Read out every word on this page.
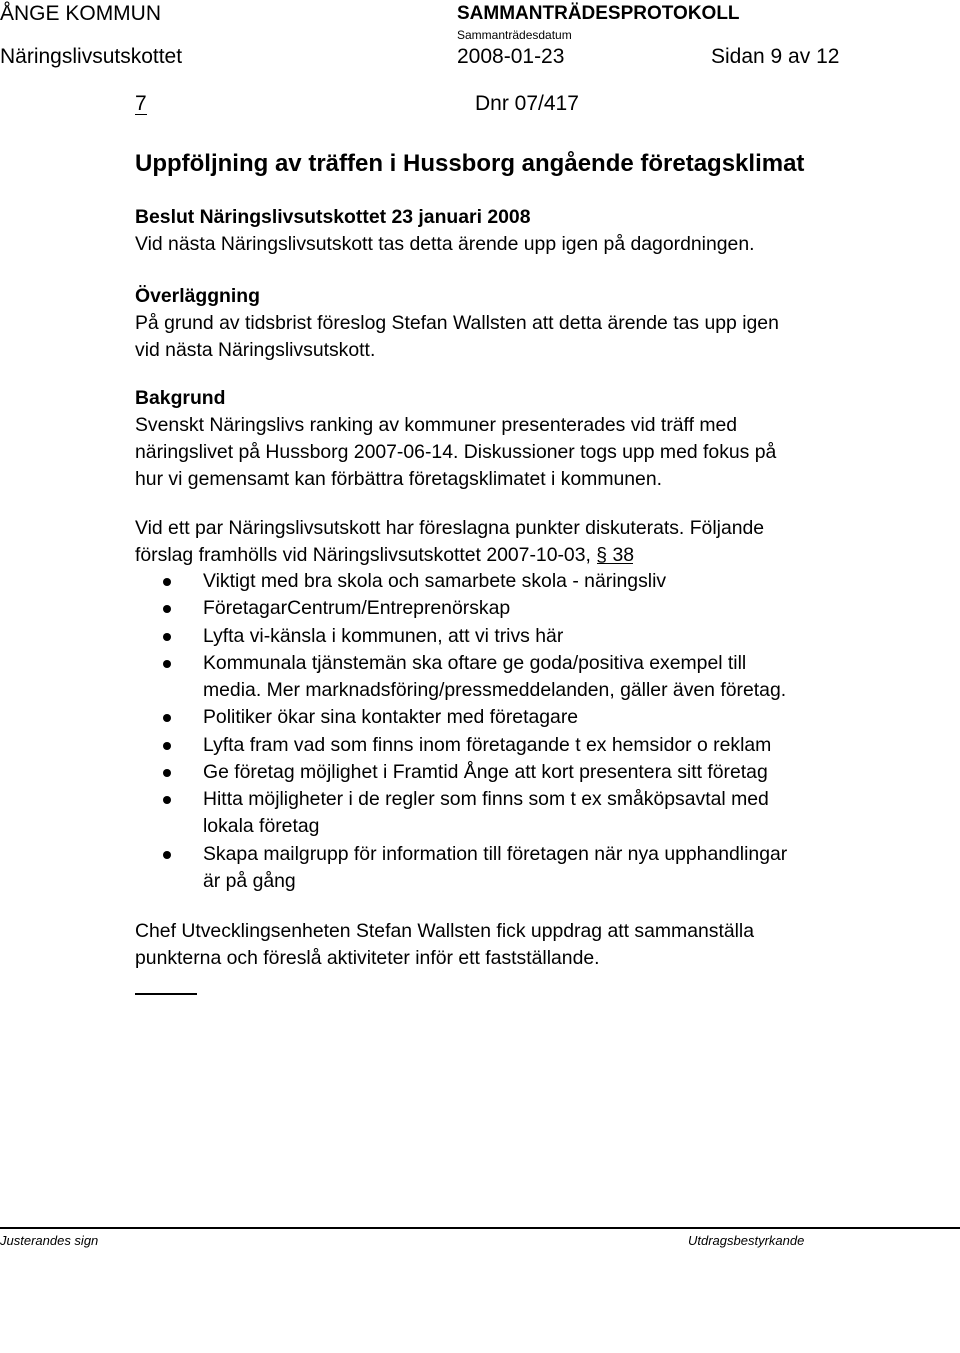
ÅNGE KOMMUN	SAMMANTRÄDESPROTOKOLL
Sammanträdesdatum
Näringslivsutskottet	2008-01-23	Sidan 9 av 12
7	Dnr 07/417
Uppföljning av träffen i Hussborg angående företagsklimat
Beslut Näringslivsutskottet 23 januari 2008
Vid nästa Näringslivsutskott tas detta ärende upp igen på dagordningen.
Överläggning
På grund av tidsbrist föreslog Stefan Wallsten att detta ärende tas upp igen
vid nästa Näringslivsutskott.
Bakgrund
Svenskt Näringslivs ranking av kommuner presenterades vid träff med
näringslivet på Hussborg 2007-06-14. Diskussioner togs upp med fokus på
hur vi gemensamt kan förbättra företagsklimatet i kommunen.
Vid ett par Näringslivsutskott har föreslagna punkter diskuterats. Följande
förslag framhölls vid Näringslivsutskottet 2007-10-03, § 38
Viktigt med bra skola och samarbete skola - näringsliv
FöretagarCentrum/Entreprenörskap
Lyfta vi-känsla i kommunen, att vi trivs här
Kommunala tjänstemän ska oftare ge goda/positiva exempel till
media. Mer marknadsföring/pressmeddelanden, gäller även företag.
Politiker ökar sina kontakter med företagare
Lyfta fram vad som finns inom företagande t ex hemsidor o reklam
Ge företag möjlighet i Framtid Ånge att kort presentera sitt företag
Hitta möjligheter i de regler som finns som t ex småköpsavtal med
lokala företag
Skapa mailgrupp för information till företagen när nya upphandlingar
är på gång
Chef Utvecklingsenheten Stefan Wallsten fick uppdrag att sammanställa
punkterna och föreslå aktiviteter inför ett fastställande.
Justerandes sign	Utdragsbestyrkande
